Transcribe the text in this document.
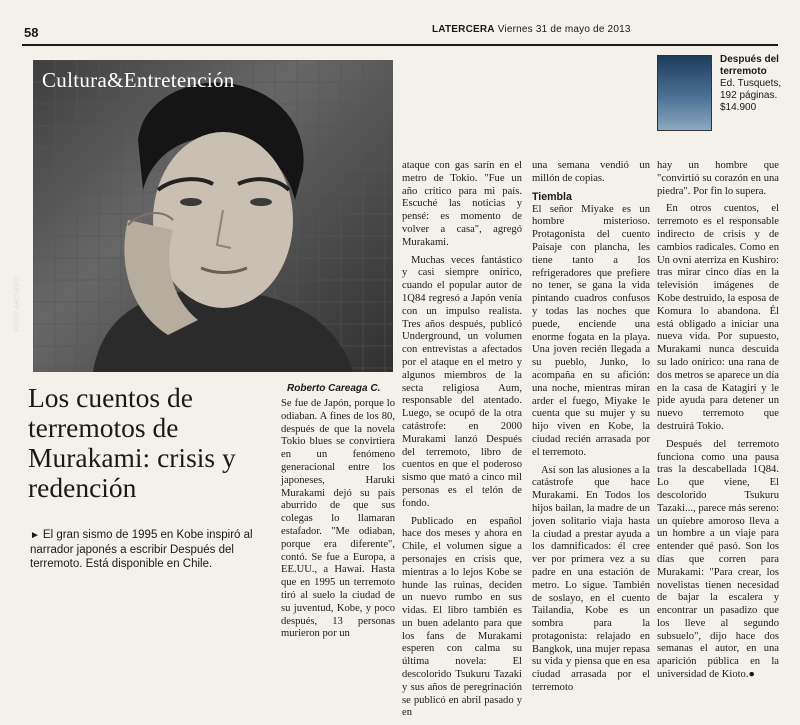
58	LATERCERA Viernes 31 de mayo de 2013
Cultura&Entretención
FOTO: ARCHIVO
Después del
terremoto
Ed. Tusquets,
192 páginas.
$14.900
Los cuentos de terremotos de Murakami: crisis y redención
► El gran sismo de 1995 en Kobe inspiró al narrador japonés a escribir Después del terremoto. Está disponible en Chile.
Roberto Careaga C.

Se fue de Japón, porque lo odiaban. A fines de los 80, después de que la novela Tokio blues se convirtiera en un fenómeno generacional entre los japoneses, Haruki Murakami dejó su país aburrido de que sus colegas lo llamaran estafador. "Me odiaban, porque era diferente", contó. Se fue a Europa, a EE.UU., a Hawai. Hasta que en 1995 un terremoto tiró al suelo la ciudad de su juventud, Kobe, y poco después, 13 personas murieron por un

ataque con gas sarín en el metro de Tokio. "Fue un año crítico para mi país. Escuché las noticias y pensé: es momento de volver a casa", agregó Murakami.

Muchas veces fantástico y casi siempre onírico, cuando el popular autor de 1Q84 regresó a Japón venía con un impulso realista. Tres años después, publicó Underground, un volumen con entrevistas a afectados por el ataque en el metro y algunos miembros de la secta religiosa Aum, responsable del atentado. Luego, se ocupó de la otra catástrofe: en 2000 Murakami lanzó Después del terremoto, libro de cuentos en que el poderoso sismo que mató a cinco mil personas es el telón de fondo.

Publicado en español hace dos meses y ahora en Chile, el volumen sigue a personajes en crisis que, mientras a lo lejos Kobe se hunde las ruinas, deciden un nuevo rumbo en sus vidas. El libro también es un buen adelanto para que los fans de Murakami esperen con calma su última novela: El descolorido Tsukuru Tazaki y sus años de peregrinación se publicó en abril pasado y en

una semana vendió un millón de copias.

Tiembla

El señor Miyake es un hombre misterioso. Protagonista del cuento Paisaje con plancha, les tiene tanto a los refrigeradores que prefiere no tener, se gana la vida pintando cuadros confusos y todas las noches que puede, enciende una enorme fogata en la playa. Una joven recién llegada a su pueblo, Junko, lo acompaña en su afición: una noche, mientras miran arder el fuego, Miyake le cuenta que su mujer y su hijo viven en Kobe, la ciudad recién arrasada por el terremoto.

Así son las alusiones a la catástrofe que hace Murakami. En Todos los hijos bailan, la madre de un joven solitario viaja hasta la ciudad a prestar ayuda a los damnificados: él cree ver por primera vez a su padre en una estación de metro. Lo sigue. También de soslayo, en el cuento Tailandia, Kobe es un sombra para la protagonista: relajado en Bangkok, una mujer repasa su vida y piensa que en esa ciudad arrasada por el terremoto

hay un hombre que "convirtió su corazón en una piedra". Por fin lo supera.

En otros cuentos, el terremoto es el responsable indirecto de crisis y de cambios radicales. Como en Un ovni aterriza en Kushiro: tras mirar cinco días en la televisión imágenes de Kobe destruido, la esposa de Komura lo abandona. Él está obligado a iniciar una nueva vida. Por supuesto, Murakami nunca descuida su lado onírico: una rana de dos metros se aparece un día en la casa de Katagiri y le pide ayuda para detener un nuevo terremoto que destruirá Tokio.

Después del terremoto funciona como una pausa tras la descabellada 1Q84. Lo que viene, El descolorido Tsukuru Tazaki..., parece más sereno: un quiebre amoroso lleva a un hombre a un viaje para entender qué pasó. Son los días que corren para Murakami: "Para crear, los novelistas tienen necesidad de bajar la escalera y encontrar un pasadizo que los lleve al segundo subsuelo", dijo hace dos semanas el autor, en una aparición pública en la universidad de Kioto.●
